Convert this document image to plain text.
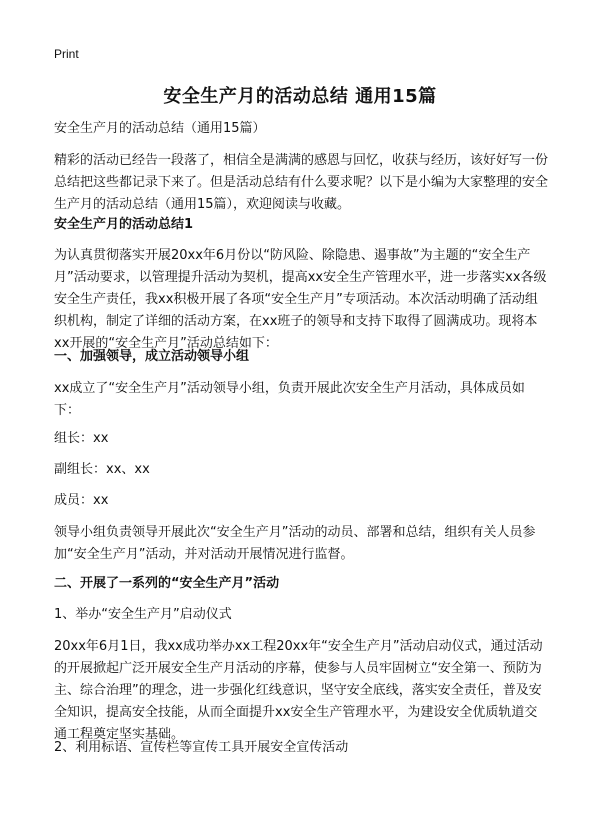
Print
安全生产月的活动总结 通用15篇
安全生产月的活动总结（通用15篇）
精彩的活动已经告一段落了，相信全是满满的感恩与回忆，收获与经历，该好好写一份总结把这些都记录下来了。但是活动总结有什么要求呢？以下是小编为大家整理的安全生产月的活动总结（通用15篇），欢迎阅读与收藏。
安全生产月的活动总结1
为认真贯彻落实开展20xx年6月份以“防风险、除隐患、遏事故”为主题的“安全生产月”活动要求，以管理提升活动为契机，提高xx安全生产管理水平，进一步落实xx各级安全生产责任，我xx积极开展了各项“安全生产月”专项活动。本次活动明确了活动组织机构，制定了详细的活动方案，在xx班子的领导和支持下取得了圆满成功。现将本xx开展的“安全生产月”活动总结如下：
一、加强领导，成立活动领导小组
xx成立了“安全生产月”活动领导小组，负责开展此次安全生产月活动，具体成员如下：
组长：xx
副组长：xx、xx
成员：xx
领导小组负责领导开展此次“安全生产月”活动的动员、部署和总结，组织有关人员参加“安全生产月”活动，并对活动开展情况进行监督。
二、开展了一系列的“安全生产月”活动
1、举办“安全生产月”启动仪式
20xx年6月1日，我xx成功举办xx工程20xx年“安全生产月”活动启动仪式，通过活动的开展掀起广泛开展安全生产月活动的序幕，使参与人员牢固树立“安全第一、预防为主、综合治理”的理念，进一步强化红线意识，坚守安全底线，落实安全责任，普及安全知识，提高安全技能，从而全面提升xx安全生产管理水平，为建设安全优质轨道交通工程奠定坚实基础。
2、利用标语、宣传栏等宣传工具开展安全宣传活动
